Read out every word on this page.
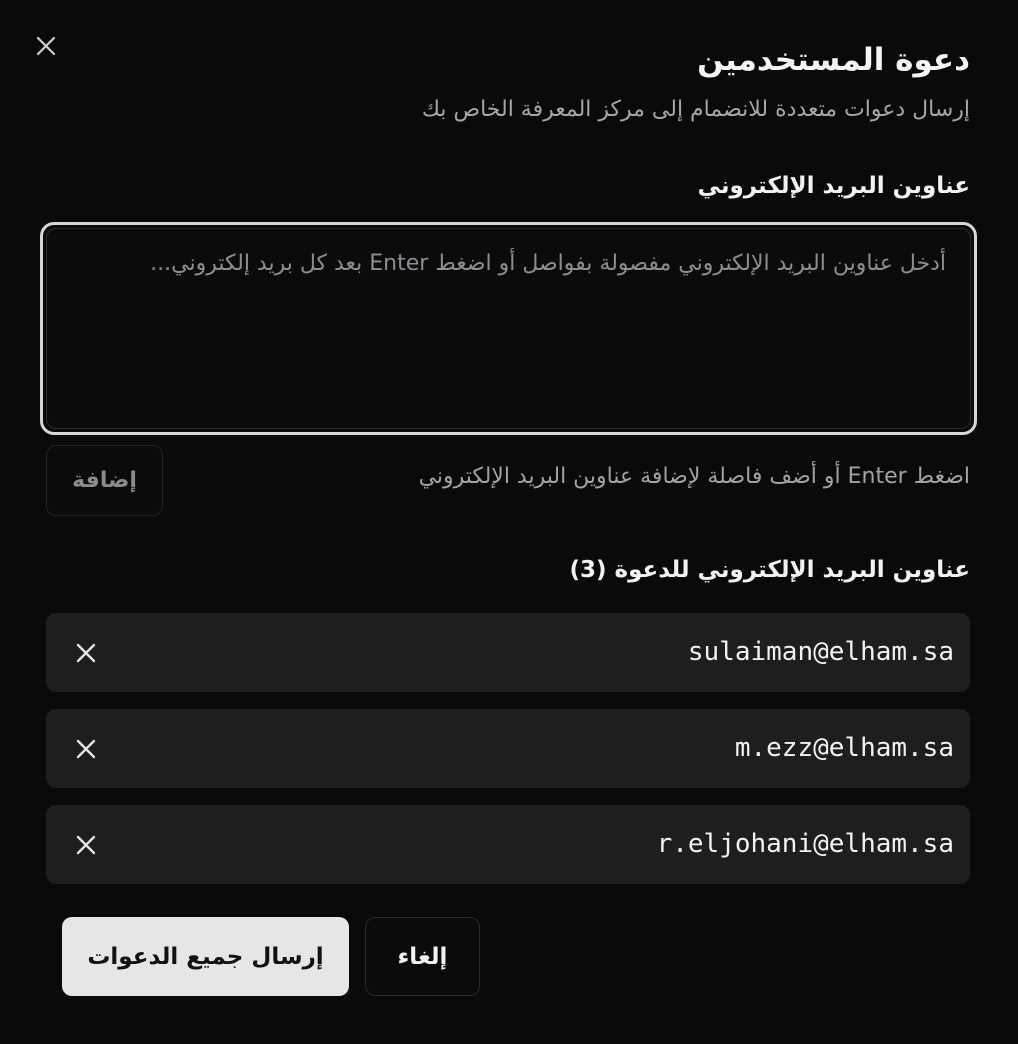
دعوة المستخدمين
إرسال دعوات متعددة للانضمام إلى مركز المعرفة الخاص بك
عناوين البريد الإلكتروني
أدخل عناوين البريد الإلكتروني مفصولة بفواصل أو اضغط Enter بعد كل بريد إلكتروني...
اضغط Enter أو أضف فاصلة لإضافة عناوين البريد الإلكتروني
إضافة
عناوين البريد الإلكتروني للدعوة (3)
sulaiman@elham.sa
m.ezz@elham.sa
r.eljohani@elham.sa
إرسال جميع الدعوات	إلغاء
